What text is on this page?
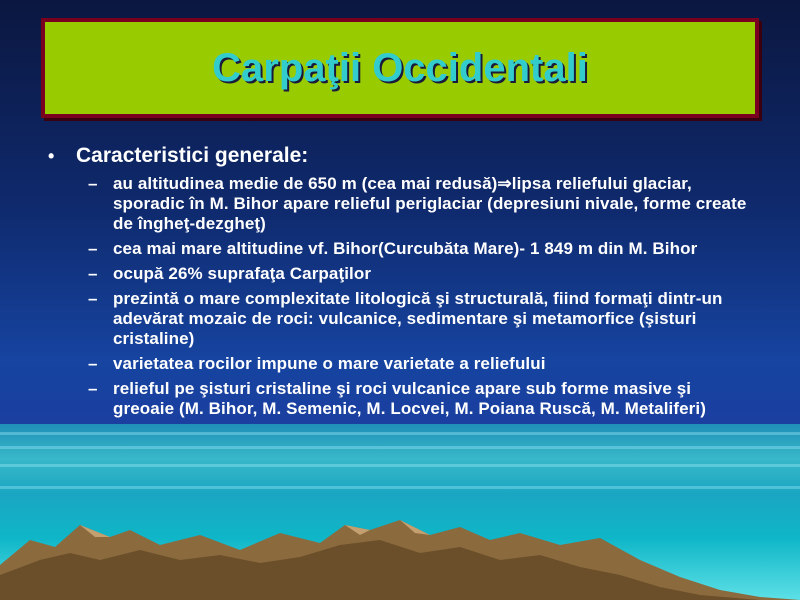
Carpaţii Occidentali
•	Caracteristici generale:
– au altitudinea medie de 650 m (cea mai redusă)⇒lipsa reliefului glaciar, sporadic în M. Bihor apare relieful periglaciar (depresiuni nivale, forme create de îngheţ-dezgheţ)
– cea mai mare altitudine vf. Bihor(Curcubăta Mare)- 1 849 m din M. Bihor
– ocupă 26% suprafaţa Carpaţilor
– prezintă o mare complexitate litologică şi structurală, fiind formaţi dintr-un adevărat mozaic de roci: vulcanice, sedimentare şi metamorfice (şisturi cristaline)
– varietatea rocilor impune o mare varietate a reliefului
– relieful pe şisturi cristaline şi roci vulcanice apare sub forme masive şi greoaie (M. Bihor, M. Semenic, M. Locvei, M. Poiana Ruscă, M. Metaliferi)
